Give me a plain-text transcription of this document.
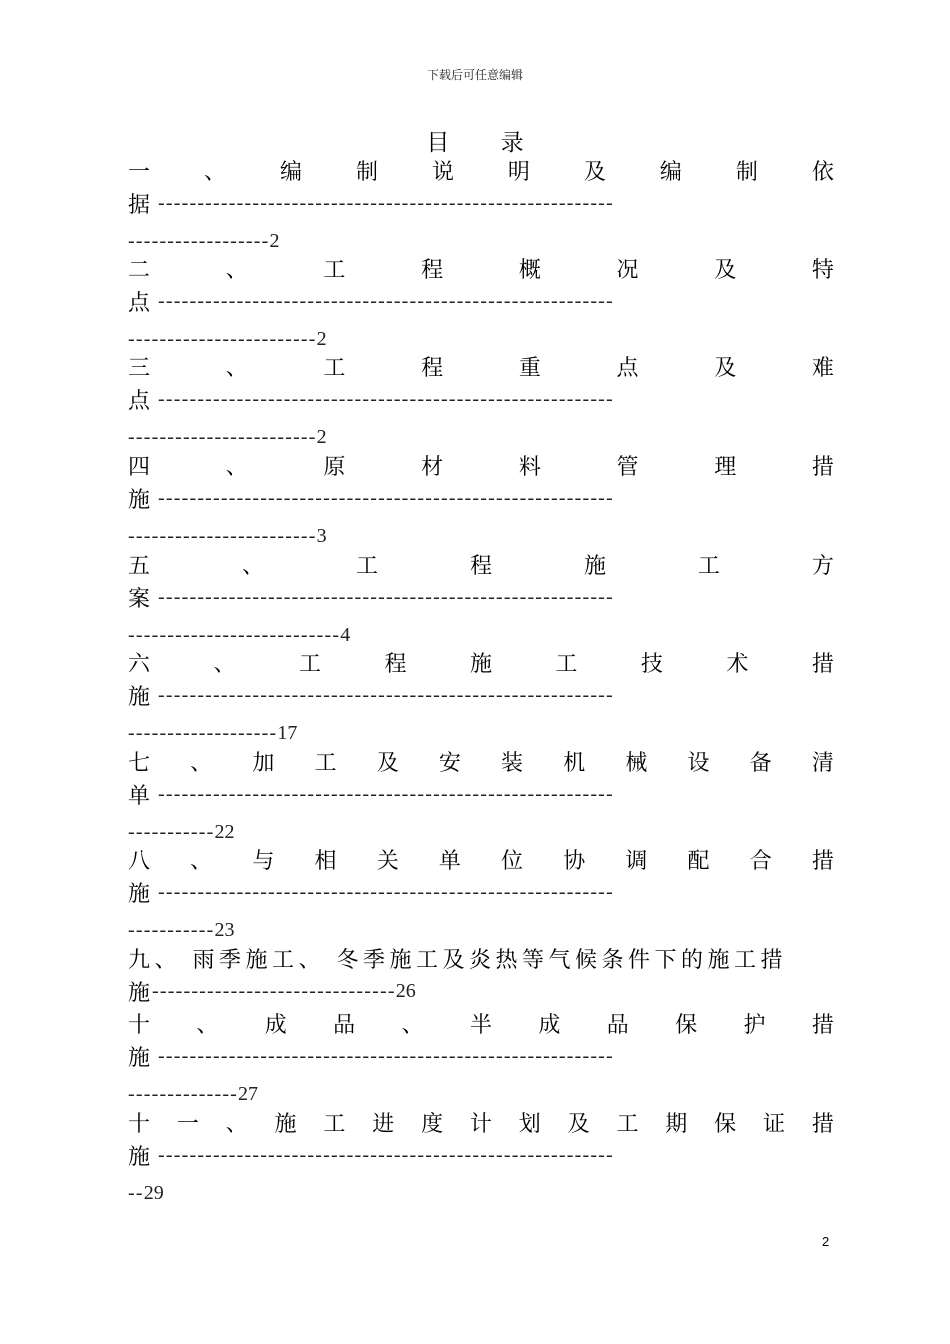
下载后可任意编辑
目 录
一 、 编 制 说 明 及 编 制 依
据 ----------------------------------------------------------
------------------ 2
二	、	工	程	概	况	及	特
点 ----------------------------------------------------------
------------------------ 2
三	、	工	程	重	点	及	难
点 ----------------------------------------------------------
------------------------ 2
四	、	原	材	料	管	理	措
施 ----------------------------------------------------------
------------------------ 3
五	、	工	程	施	工	方
案 ----------------------------------------------------------
--------------------------- 4
六	、	工	程	施	工	技	术	措
施 ----------------------------------------------------------
------------------- 17
七 、 加 工 及 安 装 机 械 设 备 清
单 ----------------------------------------------------------
----------- 22
八 、 与 相 关 单 位 协 调 配 合 措
施 ----------------------------------------------------------
----------- 23
九、 雨季施工、 冬季施工及炎热等气候条件下的施工措
施 ------------------------------- 26
十 、 成 品 、 半 成 品 保 护 措
施 ----------------------------------------------------------
-------------- 27
十 一 、 施 工 进 度 计 划 及 工 期 保 证 措
施 ----------------------------------------------------------
-- 29
2
